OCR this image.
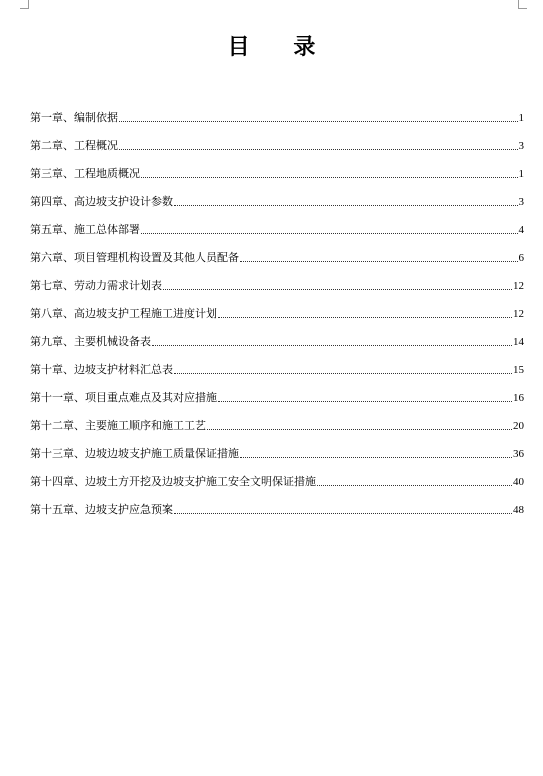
目 录
第一章、编制依据	1
第二章、工程概况	3
第三章、工程地质概况	1
第四章、高边坡支护设计参数	3
第五章、施工总体部署	4
第六章、项目管理机构设置及其他人员配备	6
第七章、劳动力需求计划表	12
第八章、高边坡支护工程施工进度计划	12
第九章、主要机械设备表	14
第十章、边坡支护材料汇总表	15
第十一章、项目重点难点及其对应措施	16
第十二章、主要施工顺序和施工工艺	20
第十三章、边坡边坡支护施工质量保证措施	36
第十四章、边坡土方开挖及边坡支护施工安全文明保证措施	40
第十五章、边坡支护应急预案	48
